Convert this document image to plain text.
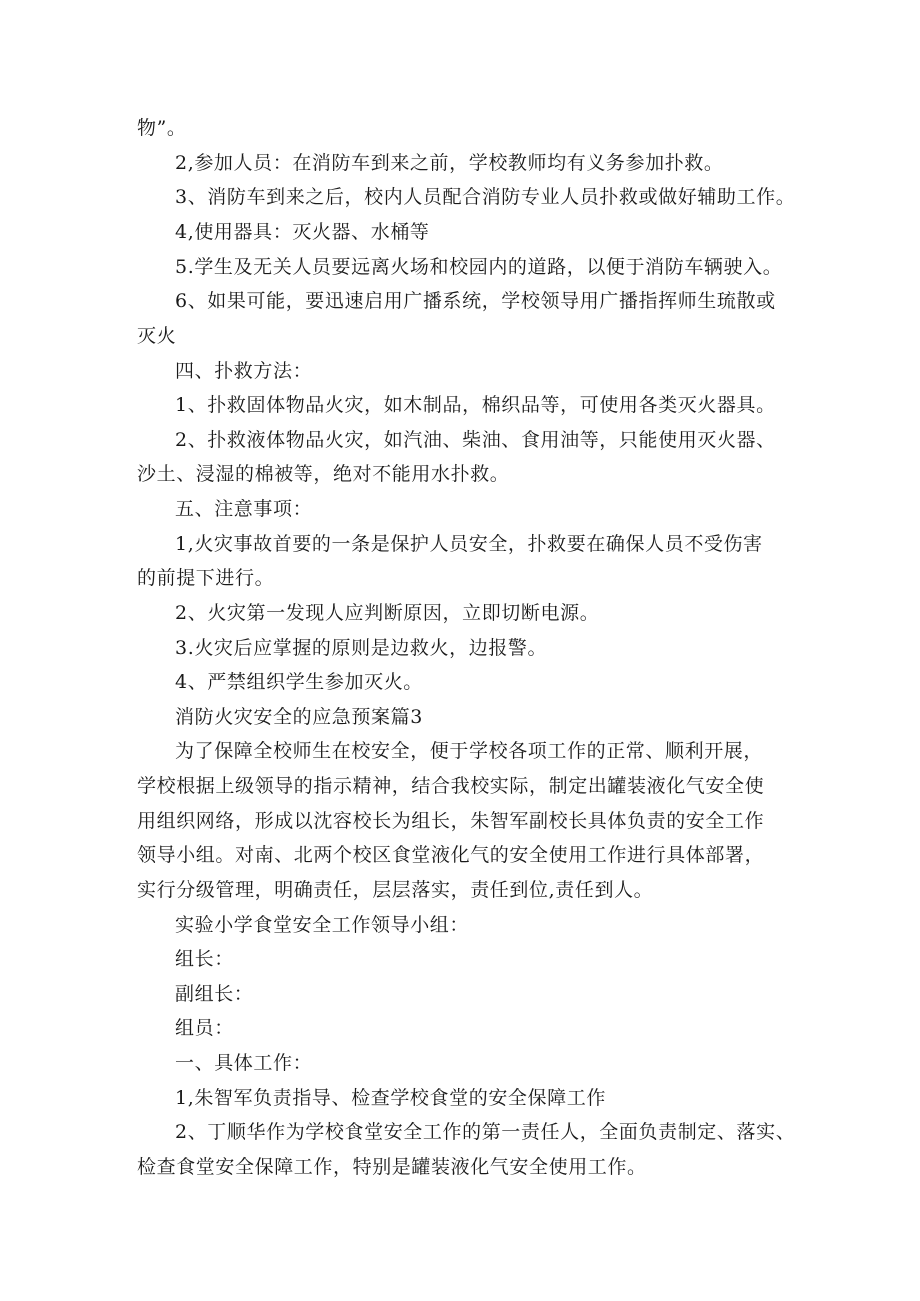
物”。
2,参加人员：在消防车到来之前，学校教师均有义务参加扑救。
3、消防车到来之后，校内人员配合消防专业人员扑救或做好辅助工作。
4,使用器具：灭火器、水桶等
5.学生及无关人员要远离火场和校园内的道路，以便于消防车辆驶入。
6、如果可能，要迅速启用广播系统，学校领导用广播指挥师生琉散或
灭火
四、扑救方法：
1、扑救固体物品火灾，如木制品，棉织品等，可使用各类灭火器具。
2、扑救液体物品火灾，如汽油、柴油、食用油等，只能使用灭火器、
沙土、浸湿的棉被等，绝对不能用水扑救。
五、注意事项：
1,火灾事故首要的一条是保护人员安全，扑救要在确保人员不受伤害
的前提下进行。
2、火灾第一发现人应判断原因，立即切断电源。
3.火灾后应掌握的原则是边救火，边报警。
4、严禁组织学生参加灭火。
消防火灾安全的应急预案篇3
为了保障全校师生在校安全，便于学校各项工作的正常、顺利开展，
学校根据上级领导的指示精神，结合我校实际，制定出罐装液化气安全使
用组织网络，形成以沈容校长为组长，朱智军副校长具体负责的安全工作
领导小组。对南、北两个校区食堂液化气的安全使用工作进行具体部署，
实行分级管理，明确责任，层层落实，责任到位,责任到人。
实验小学食堂安全工作领导小组：
组长：
副组长：
组员：
一、具体工作：
1,朱智军负责指导、检查学校食堂的安全保障工作
2、丁顺华作为学校食堂安全工作的第一责任人，全面负责制定、落实、
检查食堂安全保障工作，特别是罐装液化气安全使用工作。
